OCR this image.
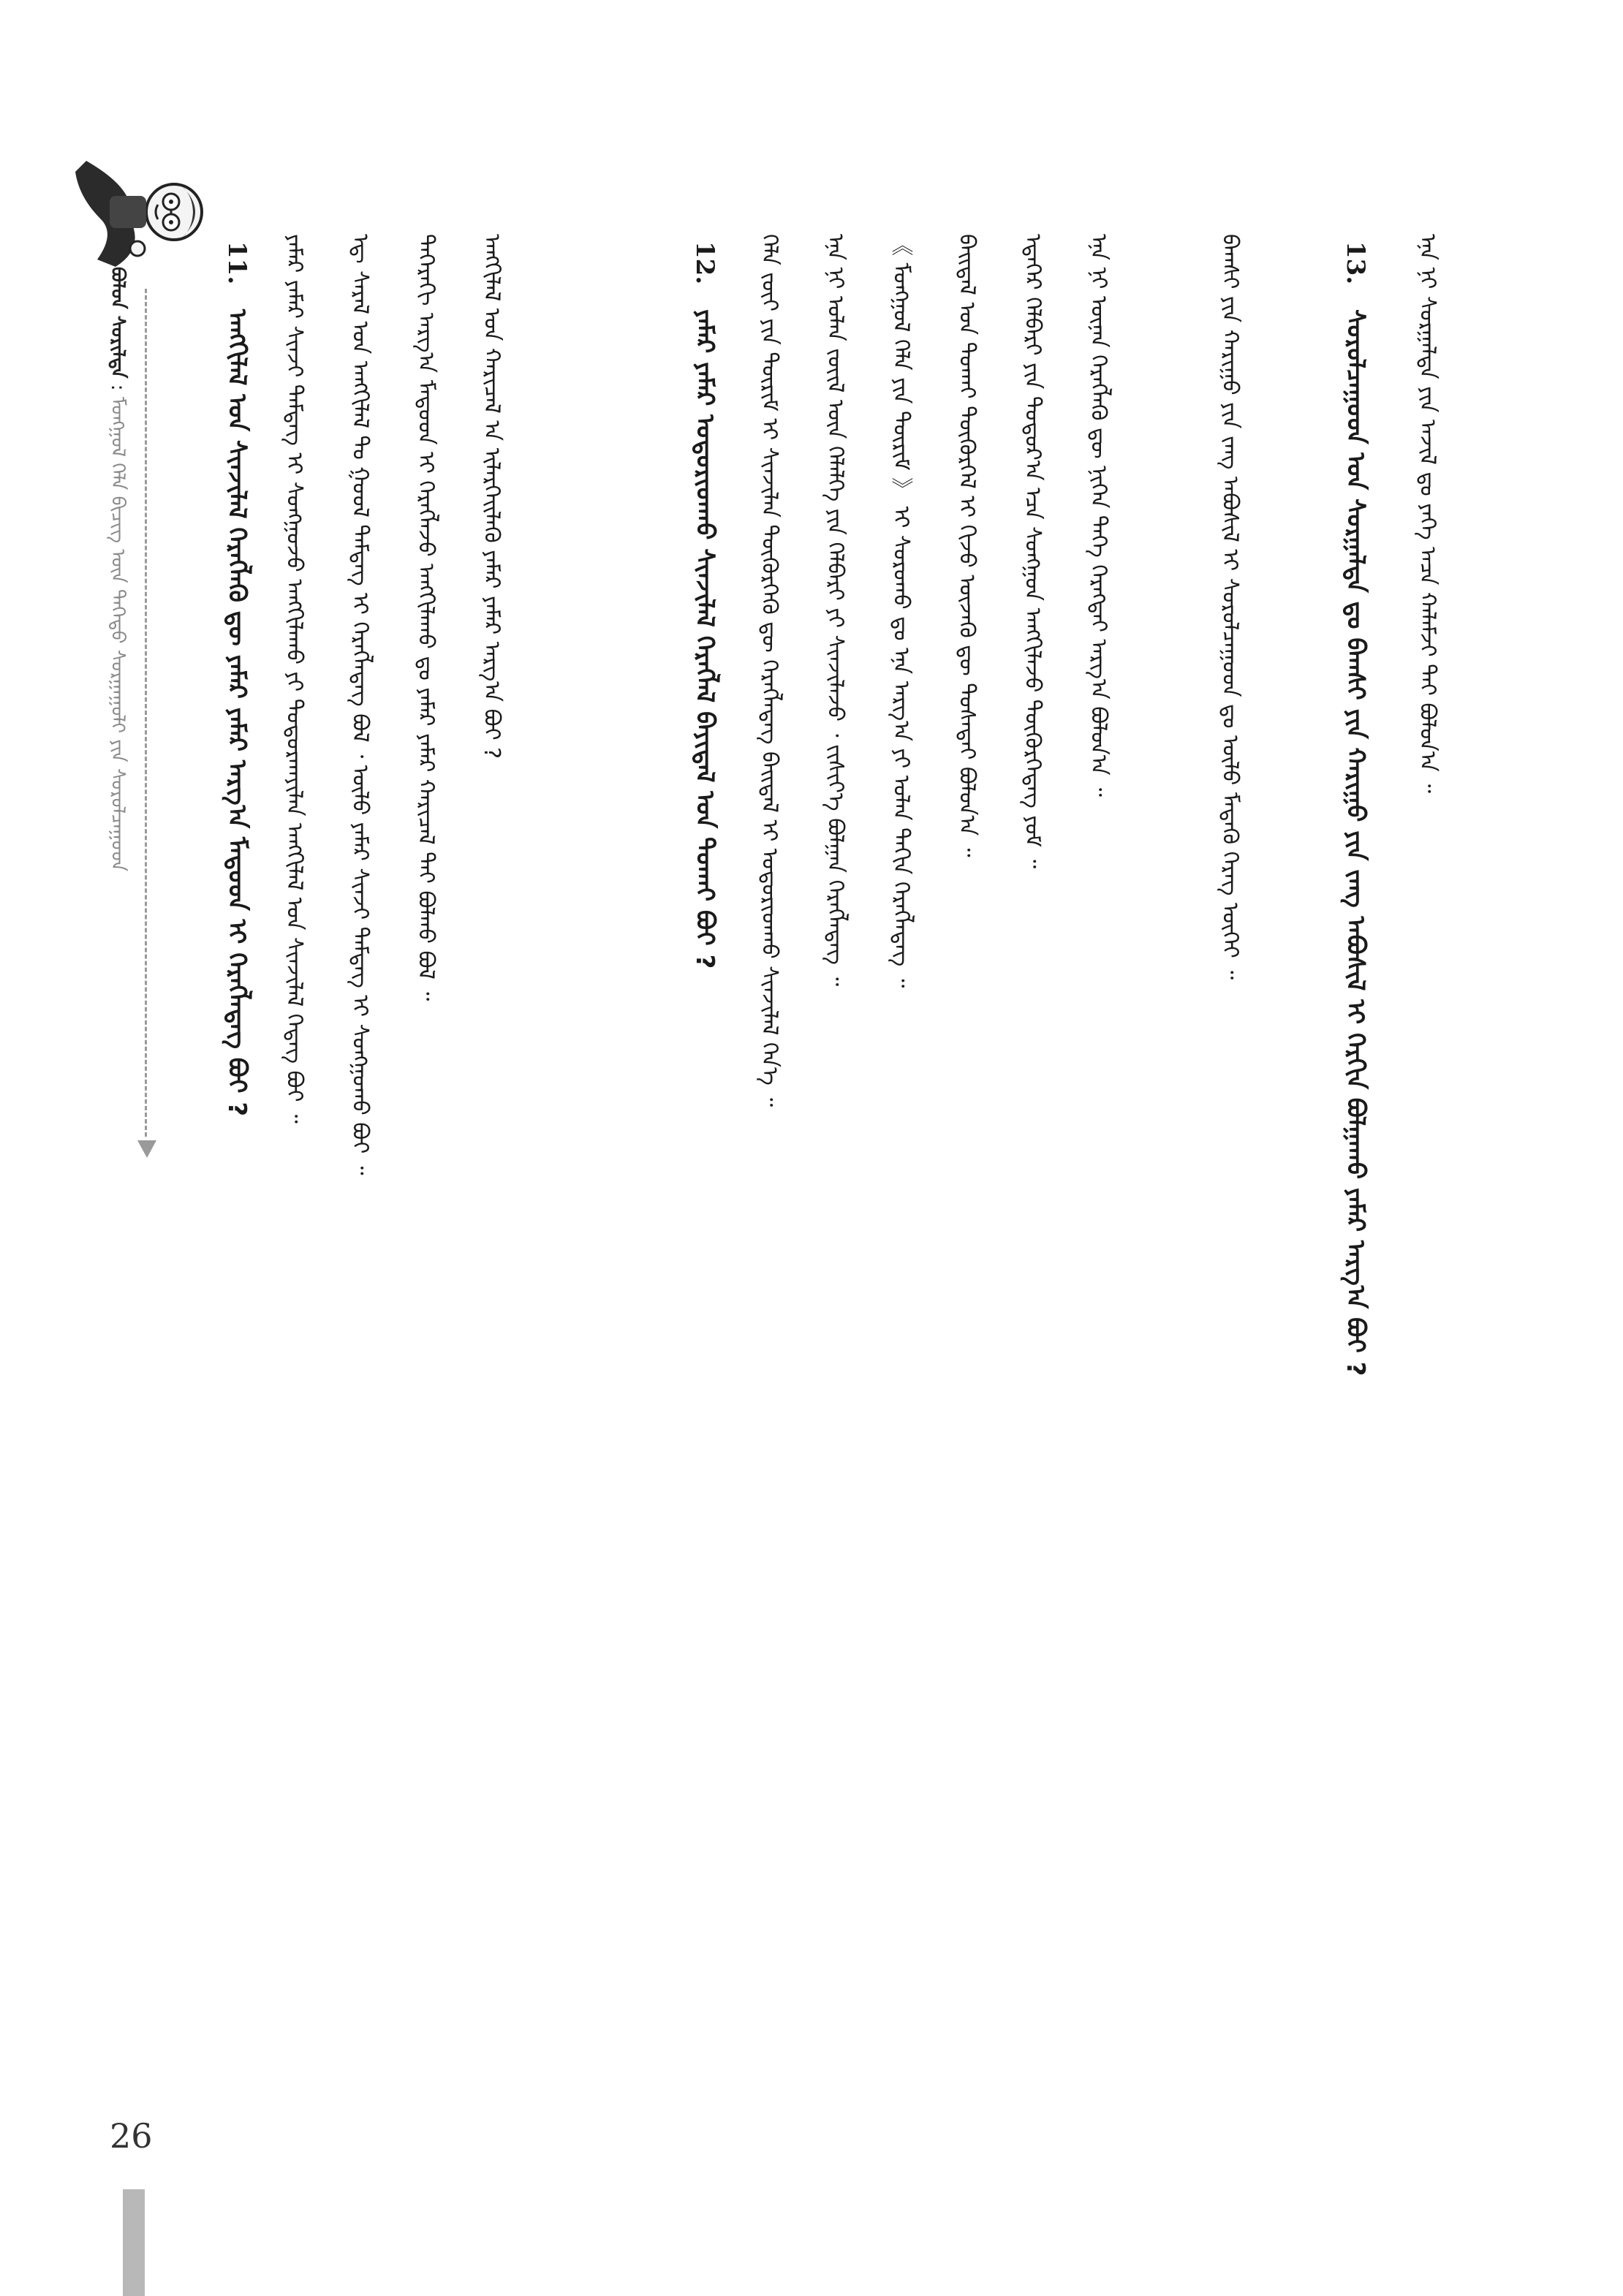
ᠪᠣᠯᠤᠨ ᠰᠣᠷᠢᠯᠲᠠ : ᠮᠣᠩᠭᠣᠯ ᠬᠡᠯᠡ ᠪᠢᠴᠢᠭ ᠦᠨ ᠳᠡᠭᠡᠳᠦ ᠰᠤᠷᠭᠠᠭᠤᠯᠢ ᠶᠢᠨ ᠰᠤᠷᠤᠯᠴᠠᠭᠤᠳ
11. ᠠᠩᠭᠢᠯᠠᠯ ᠤᠨ ᠰᠢᠨᠵᠢᠯᠡᠯ ᠬᠡᠷᠡᠭᠯᠡᠬᠦ ᠳᠦ ᠶᠠᠮᠠᠷ ᠶᠠᠮᠠᠷ ᠠᠷᠭ᠎ᠠ ᠮᠡᠲᠦᠳ ᠢ ᠬᠡᠷᠡᠭᠯᠡᠳᠡᠭ ᠪᠤᠢ ? ᠶᠠᠮᠠᠷ ᠶᠠᠮᠠᠷ ᠰᠢᠨᠵᠢ ᠲᠡᠮᠳᠡᠭ ᠢ ᠰᠤᠩᠭᠤᠵᠤ ᠠᠩᠭᠢᠯᠠᠬᠤ ᠶᠢ ᠲᠣᠳᠣᠷᠬᠠᠶᠢᠯᠠᠨ ᠠᠩᠭᠢᠯᠠᠯ ᠤᠨ ᠰᠢᠨᠵᠢᠯᠡᠯ ᠭᠡᠳᠡᠭ ᠪᠤᠢ ᠃ ᠡᠳ᠋ ᠰᠠᠷᠠᠯ ᠤᠨ ᠠᠩᠭᠢᠯᠠᠯ ᠲᠤ ᠭᠣᠣᠯ ᠲᠡᠮᠳᠡᠭ ᠢ ᠬᠡᠷᠡᠭᠯᠡᠳᠡᠭ ᠪᠣᠯ ᠂ ᠦᠯᠦ ᠶᠠᠮᠠᠷ ᠰᠢᠨᠵᠢ ᠲᠡᠮᠳᠡᠭ ᠢ ᠰᠤᠩᠭᠤᠬᠤ ᠪᠤᠢ ᠃ ᠳᠡᠭᠡᠷᠡᠬᠢ ᠠᠷᠭ᠎ᠠ ᠮᠡᠲᠦᠳ ᠢ ᠬᠡᠷᠡᠭᠯᠡᠵᠦ ᠠᠩᠭᠢᠯᠠᠬᠤ ᠳᠤ ᠶᠠᠮᠠᠷ ᠶᠠᠮᠠᠷ ᠬᠠᠷᠢᠴᠠᠯ ᠲᠠᠢ ᠪᠣᠯᠬᠤ ᠪᠣᠯ ᠃ ᠠᠩᠭᠢᠯᠠᠯ ᠤᠨ ᠬᠠᠷᠢᠴᠠᠯ ᠠ ᠢᠯᠡᠷᠬᠡᠢᠯᠡᠬᠦ ᠶᠠᠮᠠᠷ ᠶᠠᠮᠠᠷ ᠠᠷᠭ᠎ᠠ ᠪᠤᠢ ?	12. ᠶᠠᠮᠠᠷ ᠶᠠᠮᠠᠷ ᠤᠳᠤᠷᠢᠳᠬᠤ ᠰᠢᠨᠵᠢᠯᠡᠯ ᠬᠡᠷᠡᠭᠯᠡᠯ ᠪᠠᠶᠢᠳᠠᠯ ᠤᠨ ᠲᠤᠬᠠᠢ ᠪᠣᠢ ? ᠬᠡᠯᠡ ᠵᠦᠢ ᠶᠢᠨ ᠳᠦᠷᠢᠮ ᠢ ᠰᠢᠨᠵᠢᠯᠡᠨ ᠳᠦᠭᠦᠷᠬᠡᠬᠦ ᠳᠦ ᠬᠡᠷᠡᠭᠯᠡᠳᠡᠭ ᠪᠠᠢᠳᠠᠯ ᠢ ᠤᠳᠤᠷᠢᠳᠬᠤ ᠰᠢᠨᠵᠢᠯᠡᠯ ᠭᠡᠨ᠎ᠡ ᠃ ᠡᠨᠡ ᠨᠢ ᠣᠯᠠᠨ ᠵᠦᠢᠯ ᠦᠨ ᠬᠡᠯᠡᠯᠭᠡ ᠶᠢᠨ ᠬᠡᠯᠪᠡᠷᠢ ᠶᠢ ᠰᠢᠨᠵᠢᠯᠡᠵᠦ ᠂ ᠵᠢᠱᠢᠶ᠎ᠡ ᠪᠣᠯᠭᠠᠨ ᠬᠡᠷᠡᠭᠯᠡᠳᠡᠭ ᠃ 《 ᠮᠣᠩᠭᠣᠯ ᠬᠡᠯᠡ ᠶᠢᠨ ᠳᠦᠷᠢᠮ 》 ᠢ ᠰᠤᠷᠤᠬᠤ ᠳᠤ ᠡᠨᠡ ᠠᠷᠭ᠎ᠠ ᠶᠢ ᠣᠯᠠᠨ ᠳᠠᠬᠢᠨ ᠬᠡᠷᠡᠭᠯᠡᠳᠡᠭ ᠃ ᠪᠠᠢᠳᠠᠯ ᠤᠨ ᠲᠤᠬᠠᠢ ᠳᠦᠭᠦᠷᠬᠡᠯ ᠢ ᠬᠢᠵᠦ ᠦᠵᠡᠬᠦ ᠳᠦ ᠲᠤᠰᠠᠲᠠᠢ ᠪᠣᠯᠤᠨ᠎ᠠ ᠃ ᠡᠳᠡᠭᠡᠷ ᠬᠡᠯᠪᠡᠷᠢ ᠶᠢᠨ ᠳᠣᠲᠣᠷ᠎ᠠ ᠡᠴᠡ ᠰᠣᠩᠭᠣᠨ ᠠᠩᠭᠢᠯᠠᠵᠤ ᠳᠦᠭᠦᠷᠬᠡᠳᠡᠭ ᠶᠤᠮ ᠃ ᠡᠨᠡ ᠨᠢ ᠦᠨᠡᠨ ᠬᠡᠷᠡᠭᠯᠡᠬᠦ ᠳᠦ ᠨᠢᠭᠡᠨ ᠳᠡᠭᠡ ᠬᠡᠷᠡᠭᠳᠡᠢ ᠠᠷᠭ᠎ᠠ ᠪᠣᠯᠤᠨ᠎ᠠ ᠃	13. ᠰᠤᠷᠤᠯᠴᠠᠭᠤᠳ ᠤᠨ ᠰᠤᠷᠭᠠᠯᠲᠠ ᠳᠤ ᠪᠠᠭᠰᠢ ᠶᠢᠨ ᠬᠠᠷᠢᠭᠤ ᠶᠢᠨ ᠵᠠᠩ ᠠᠪᠤᠰᠢᠯ ᠢ ᠬᠡᠷᠭᠢᠨ ᠪᠣᠯᠭᠠᠬᠤ ᠶᠠᠮᠠᠷ ᠠᠷᠭ᠎ᠠ ᠪᠤᠢ ?
ᠪᠠᠭᠰᠢ ᠶᠢᠨ ᠬᠠᠷᠢᠭᠤ ᠶᠢᠨ ᠵᠠᠩ ᠠᠪᠤᠰᠢᠯ ᠢ ᠰᠤᠷᠤᠯᠴᠠᠭᠤᠳ ᠳᠤ ᠦᠯᠦ ᠮᠡᠳᠡᠬᠦ ᠬᠡᠷᠡᠭ ᠦᠭᠡᠢ ᠃	ᠡᠨᠡ ᠨᠢ ᠰᠤᠷᠭᠠᠯᠲᠠ ᠶᠢᠨ ᠠᠵᠢᠯ ᠳᠤ ᠶᠡᠬᠡ ᠠᠴᠠ ᠬᠠᠯᠠᠮᠵᠢ ᠲᠠᠢ ᠪᠣᠯᠤᠨ᠎ᠠ ᠃
26
